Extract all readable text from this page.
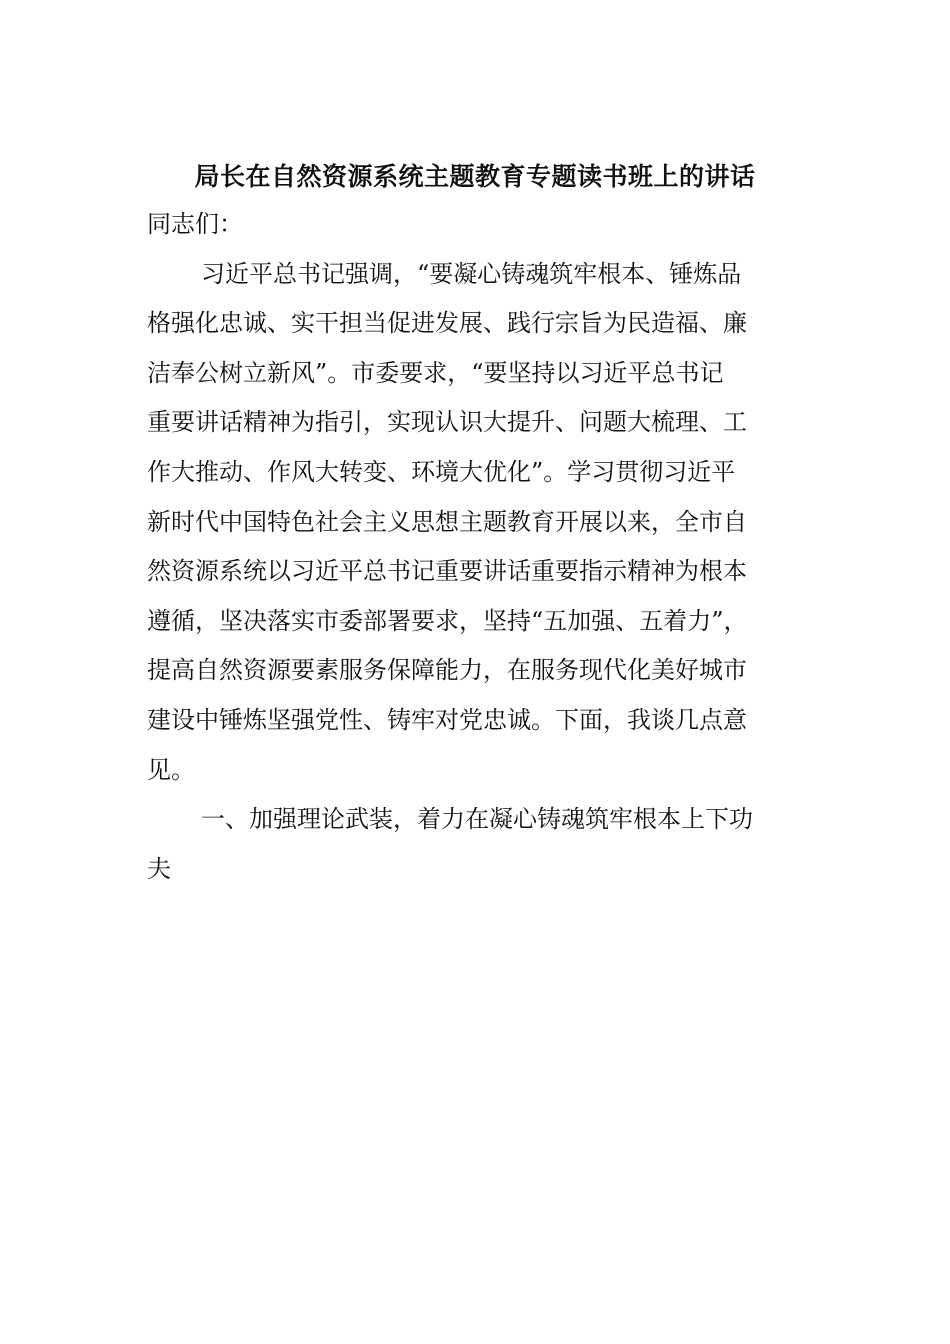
局长在自然资源系统主题教育专题读书班上的讲话
同志们：
习近平总书记强调，“要凝心铸魂筑牢根本、锤炼品
格强化忠诚、实干担当促进发展、践行宗旨为民造福、廉
洁奉公树立新风”。市委要求，“要坚持以习近平总书记
重要讲话精神为指引，实现认识大提升、问题大梳理、工
作大推动、作风大转变、环境大优化”。学习贯彻习近平
新时代中国特色社会主义思想主题教育开展以来，全市自
然资源系统以习近平总书记重要讲话重要指示精神为根本
遵循，坚决落实市委部署要求，坚持“五加强、五着力”，
提高自然资源要素服务保障能力，在服务现代化美好城市
建设中锤炼坚强党性、铸牢对党忠诚。下面，我谈几点意
见。
一、加强理论武装，着力在凝心铸魂筑牢根本上下功
夫
